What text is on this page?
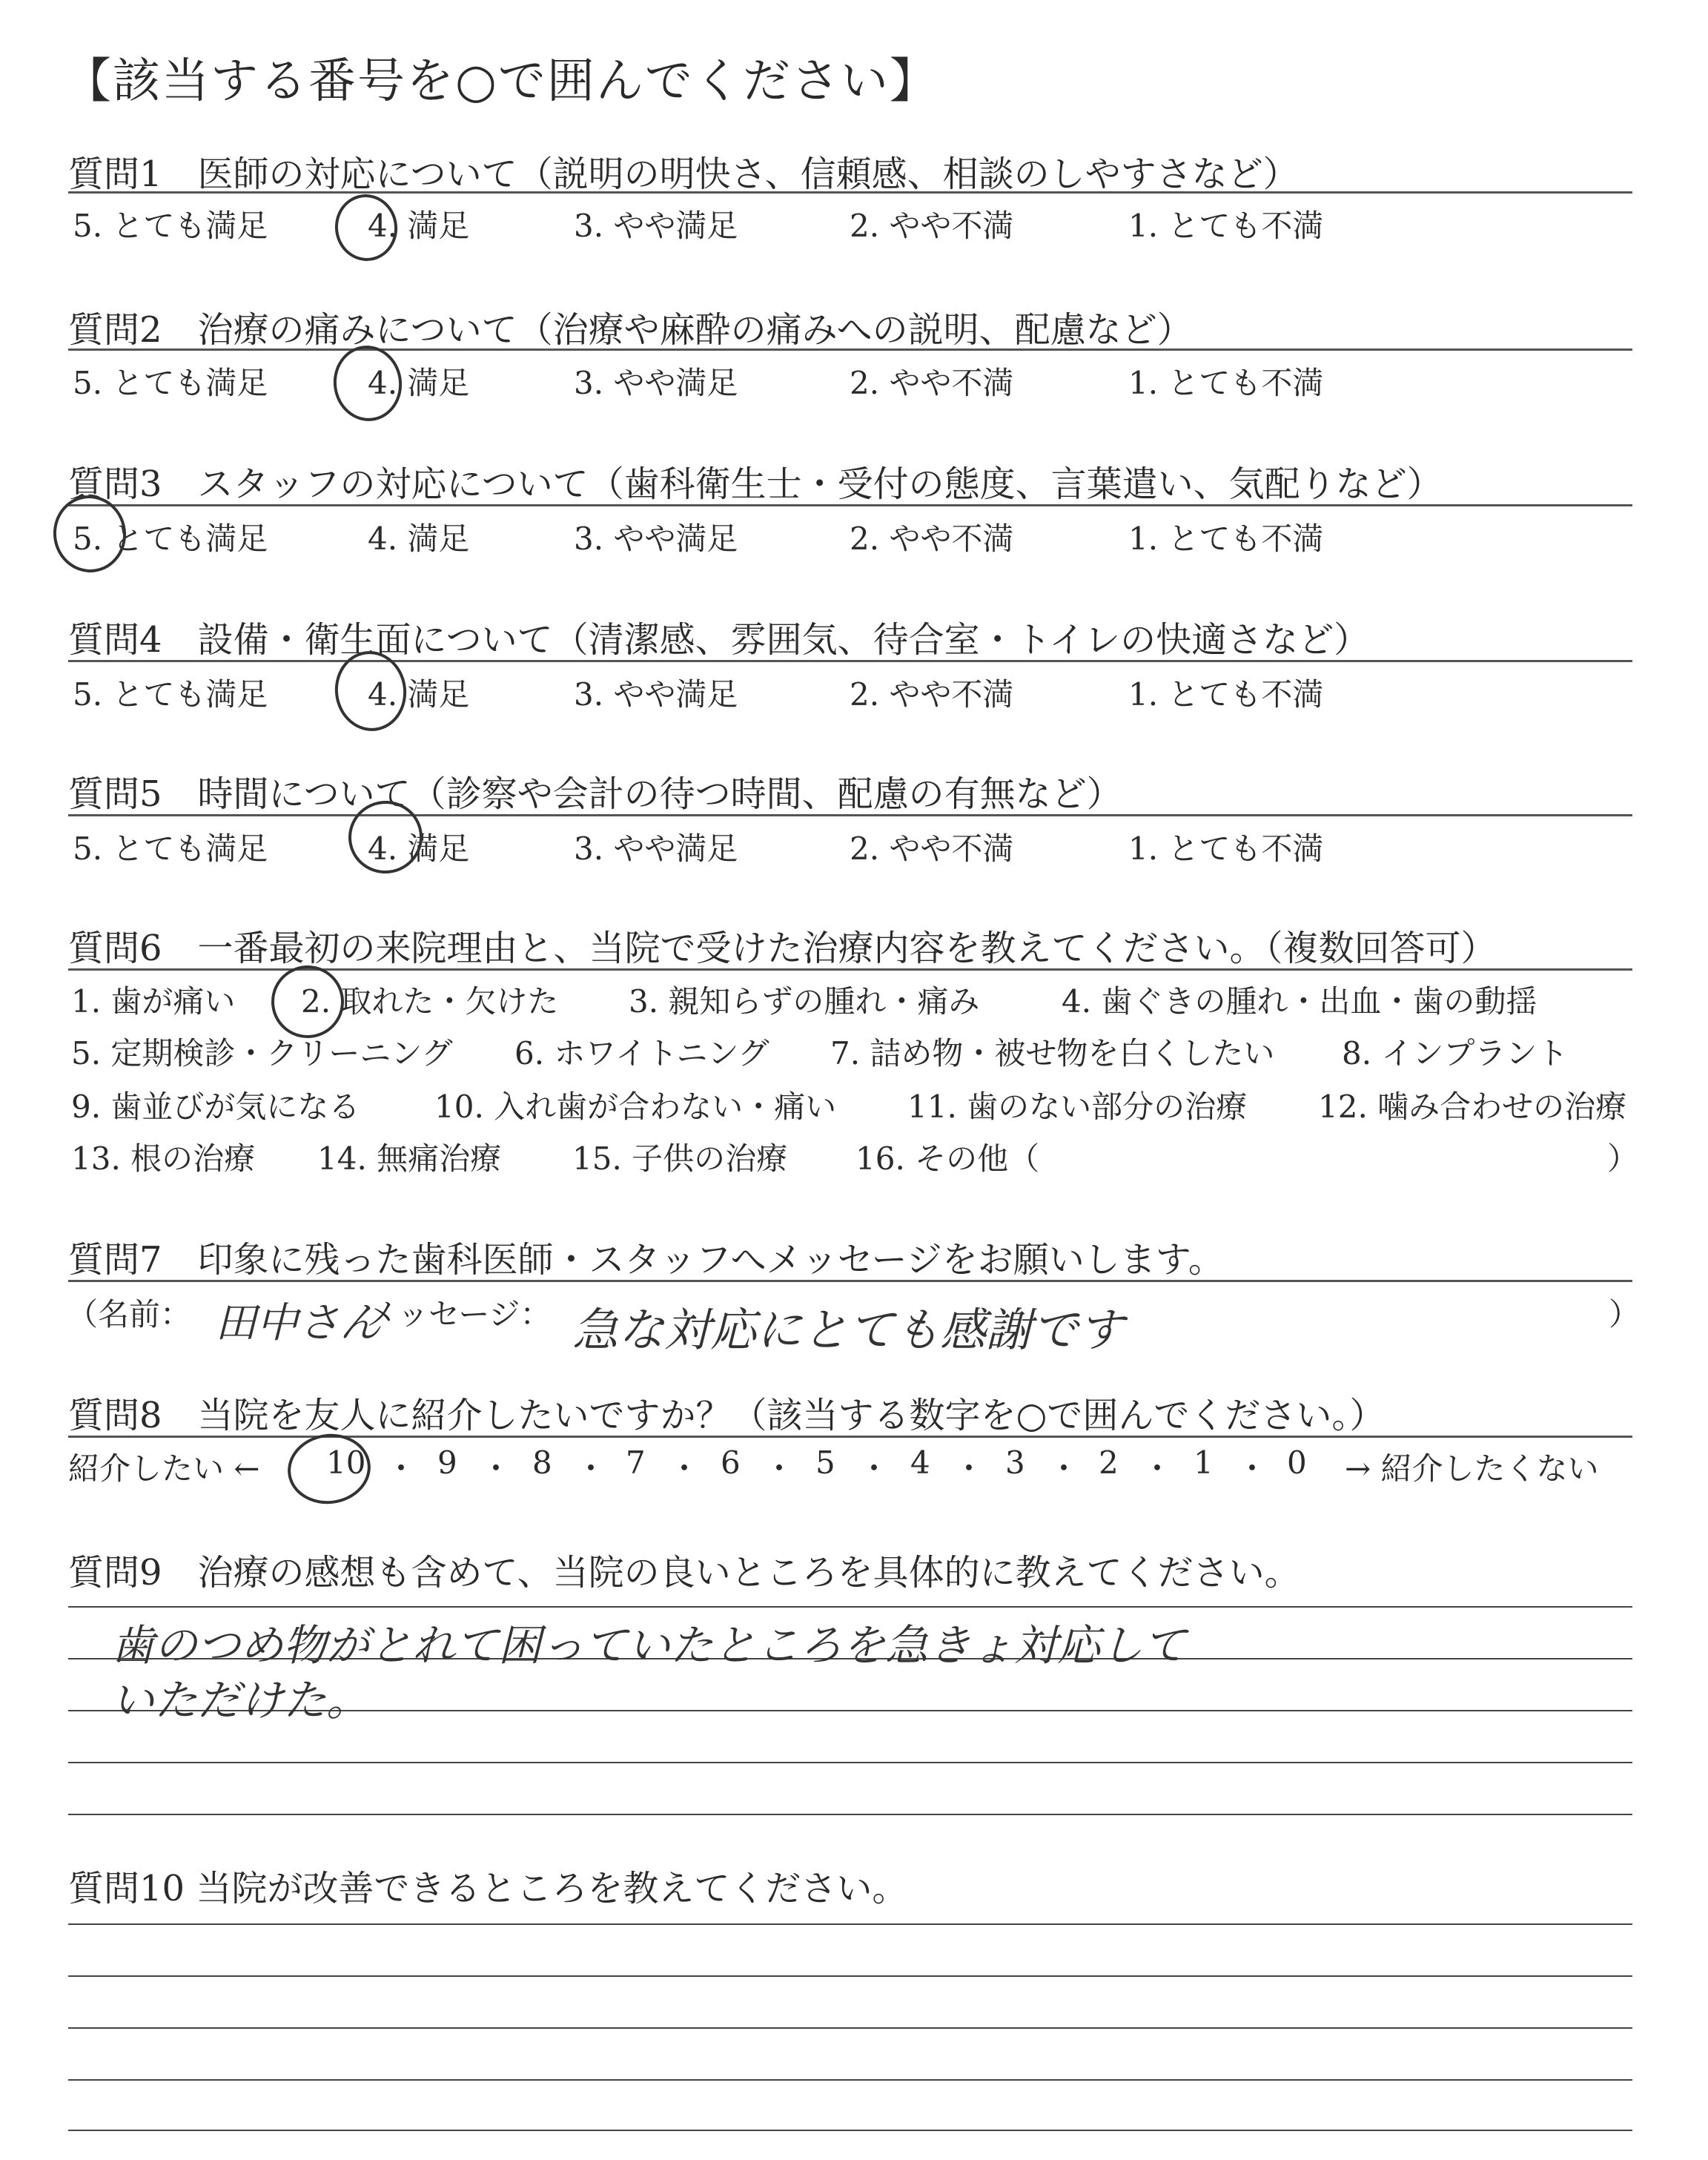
【該当する番号を○で囲んでください】
質問1　医師の対応について（説明の明快さ、信頼感、相談のしやすさなど）
5. とても満足	4. 満足	3. やや満足	2. やや不満	1. とても不満
質問2　治療の痛みについて（治療や麻酔の痛みへの説明、配慮など）
5. とても満足	4. 満足	3. やや満足	2. やや不満	1. とても不満
質問3　スタッフの対応について（歯科衛生士・受付の態度、言葉遣い、気配りなど）
5. とても満足	4. 満足	3. やや満足	2. やや不満	1. とても不満
質問4　設備・衛生面について（清潔感、雰囲気、待合室・トイレの快適さなど）
5. とても満足	4. 満足	3. やや満足	2. やや不満	1. とても不満
質問5　時間について（診察や会計の待つ時間、配慮の有無など）
5. とても満足	4. 満足	3. やや満足	2. やや不満	1. とても不満
質問6　一番最初の来院理由と、当院で受けた治療内容を教えてください。（複数回答可）
1. 歯が痛い 2. 取れた・欠けた 3. 親知らずの腫れ・痛み	4. 歯ぐきの腫れ・出血・歯の動揺
5. 定期検診・クリーニング 6. ホワイトニング 7. 詰め物・被せ物を白くしたい 8. インプラント
9. 歯並びが気になる 10. 入れ歯が合わない・痛い 11. 歯のない部分の治療 12. 噛み合わせの治療
13. 根の治療 14. 無痛治療 15. 子供の治療 16. その他（	）
質問7　印象に残った歯科医師・スタッフへメッセージをお願いします。
（名前： 田中さん
メッセージ： 急な対応にとても感謝です	）
質問8　当院を友人に紹介したいですか？（該当する数字を○で囲んでください。）
紹介したい ← 10 ・ 9 ・ 8 ・ 7 ・ 6 ・ 5 ・ 4 ・ 3 ・ 2 ・ 1 ・ 0 → 紹介したくない
質問9　治療の感想も含めて、当院の良いところを具体的に教えてください。
歯のつめ物がとれて困っていたところを急きょ対応して
いただけた。
質問10 当院が改善できるところを教えてください。
